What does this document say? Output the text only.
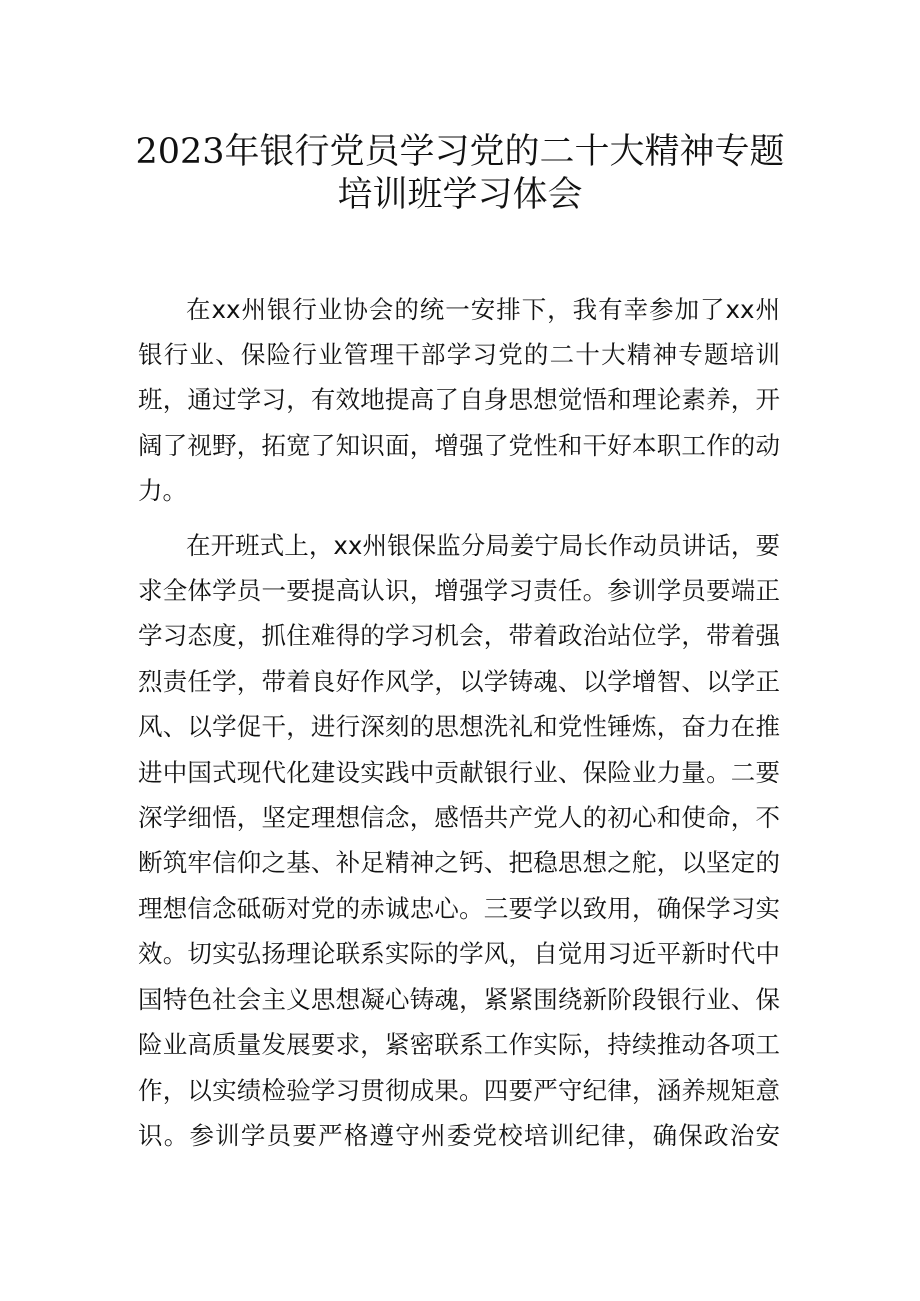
2023年银行党员学习党的二十大精神专题
培训班学习体会
在xx州银行业协会的统一安排下，我有幸参加了xx州
银行业、保险行业管理干部学习党的二十大精神专题培训
班，通过学习，有效地提高了自身思想觉悟和理论素养，开
阔了视野，拓宽了知识面，增强了党性和干好本职工作的动
力。
在开班式上，xx州银保监分局姜宁局长作动员讲话，要
求全体学员一要提高认识，增强学习责任。参训学员要端正
学习态度，抓住难得的学习机会，带着政治站位学，带着强
烈责任学，带着良好作风学，以学铸魂、以学增智、以学正
风、以学促干，进行深刻的思想洗礼和党性锤炼，奋力在推
进中国式现代化建设实践中贡献银行业、保险业力量。二要
深学细悟，坚定理想信念，感悟共产党人的初心和使命，不
断筑牢信仰之基、补足精神之钙、把稳思想之舵，以坚定的
理想信念砥砺对党的赤诚忠心。三要学以致用，确保学习实
效。切实弘扬理论联系实际的学风，自觉用习近平新时代中
国特色社会主义思想凝心铸魂，紧紧围绕新阶段银行业、保
险业高质量发展要求，紧密联系工作实际，持续推动各项工
作，以实绩检验学习贯彻成果。四要严守纪律，涵养规矩意
识。参训学员要严格遵守州委党校培训纪律，确保政治安
